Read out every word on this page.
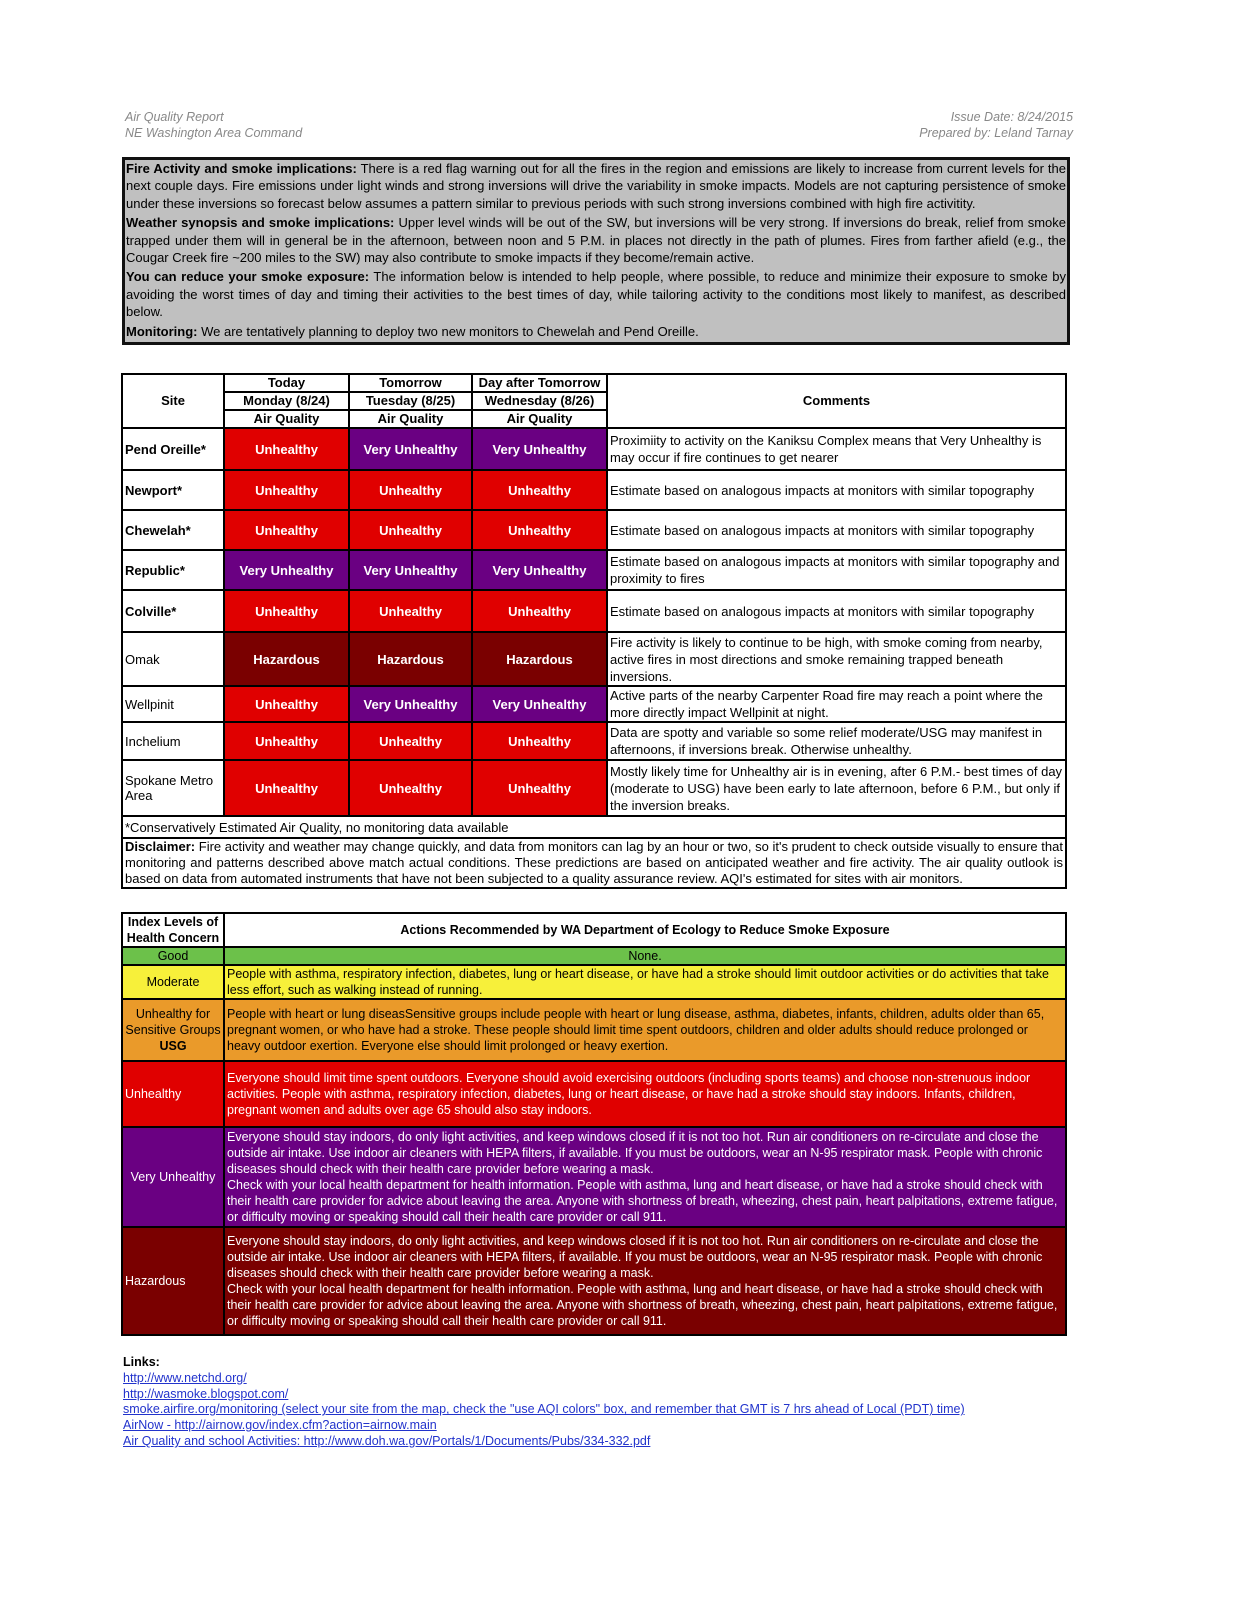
Air Quality Report
NE Washington Area Command
Issue Date: 8/24/2015
Prepared by: Leland Tarnay

Fire Activity and smoke implications: There is a red flag warning out for all the fires in the region and emissions are likely to increase from current levels for the next couple days. Fire emissions under light winds and strong inversions will drive the variability in smoke impacts. Models are not capturing persistence of smoke under these inversions so forecast below assumes a pattern similar to previous periods with such strong inversions combined with high fire activitity.

Weather synopsis and smoke implications: Upper level winds will be out of the SW, but inversions will be very strong. If inversions do break, relief from smoke trapped under them will in general be in the afternoon, between noon and 5 P.M. in places not directly in the path of plumes. Fires from farther afield (e.g., the Cougar Creek fire ~200 miles to the SW) may also contribute to smoke impacts if they become/remain active.

You can reduce your smoke exposure: The information below is intended to help people, where possible, to reduce and minimize their exposure to smoke by avoiding the worst times of day and timing their activities to the best times of day, while tailoring activity to the conditions most likely to manifest, as described below.

Monitoring: We are tentatively planning to deploy two new monitors to Chewelah and Pend Oreille.

Site	Today	Tomorrow	Day after Tomorrow	Comments
	Monday (8/24)	Tuesday (8/25)	Wednesday (8/26)	
	Air Quality	Air Quality	Air Quality	
Pend Oreille*	Unhealthy	Very Unhealthy	Very Unhealthy	Proximiity to activity on the Kaniksu Complex means that Very Unhealthy is may occur if fire continues to get nearer
Newport*	Unhealthy	Unhealthy	Unhealthy	Estimate based on analogous impacts at monitors with similar topography
Chewelah*	Unhealthy	Unhealthy	Unhealthy	Estimate based on analogous impacts at monitors with similar topography
Republic*	Very Unhealthy	Very Unhealthy	Very Unhealthy	Estimate based on analogous impacts at monitors with similar topography and proximity to fires
Colville*	Unhealthy	Unhealthy	Unhealthy	Estimate based on analogous impacts at monitors with similar topography
Omak	Hazardous	Hazardous	Hazardous	Fire activity is likely to continue to be high, with smoke coming from nearby, active fires in most directions and smoke remaining trapped beneath inversions.
Wellpinit	Unhealthy	Very Unhealthy	Very Unhealthy	Active parts of the nearby Carpenter Road fire may reach a point where the more directly impact Wellpinit at night.
Inchelium	Unhealthy	Unhealthy	Unhealthy	Data are spotty and variable so some relief moderate/USG may manifest in afternoons, if inversions break. Otherwise unhealthy.
Spokane Metro Area	Unhealthy	Unhealthy	Unhealthy	Mostly likely time for Unhealthy air is in evening, after 6 P.M.- best times of day (moderate to USG) have been early to late afternoon, before 6 P.M., but only if the inversion breaks.
*Conservatively Estimated Air Quality, no monitoring data available				
Disclaimer: Fire activity and weather may change quickly, and data from monitors can lag by an hour or two, so it's prudent to check outside visually to ensure that monitoring and patterns described above match actual conditions. These predictions are based on anticipated weather and fire activity. The air quality outlook is based on data from automated instruments that have not been subjected to a quality assurance review. AQI's estimated for sites with air monitors.				
Index Levels of Health Concern	Actions Recommended by WA Department of Ecology to Reduce Smoke Exposure
Good	None.
Moderate	People with asthma, respiratory infection, diabetes, lung or heart disease, or have had a stroke should limit outdoor activities or do activities that take less effort, such as walking instead of running.
Unhealthy for Sensitive Groups
USG	People with heart or lung diseasSensitive groups include people with heart or lung disease, asthma, diabetes, infants, children, adults older than 65, pregnant women, or who have had a stroke. These people should limit time spent outdoors, children and older adults should reduce prolonged or heavy outdoor exertion. Everyone else should limit prolonged or heavy exertion.
Unhealthy	Everyone should limit time spent outdoors. Everyone should avoid exercising outdoors (including sports teams) and choose non-strenuous indoor activities. People with asthma, respiratory infection, diabetes, lung or heart disease, or have had a stroke should stay indoors. Infants, children, pregnant women and adults over age 65 should also stay indoors.
Very Unhealthy	Everyone should stay indoors, do only light activities, and keep windows closed if it is not too hot. Run air conditioners on re-circulate and close the outside air intake. Use indoor air cleaners with HEPA filters, if available. If you must be outdoors, wear an N-95 respirator mask. People with chronic diseases should check with their health care provider before wearing a mask.
Check with your local health department for health information. People with asthma, lung and heart disease, or have had a stroke should check with their health care provider for advice about leaving the area. Anyone with shortness of breath, wheezing, chest pain, heart palpitations, extreme fatigue, or difficulty moving or speaking should call their health care provider or call 911.
Hazardous	Everyone should stay indoors, do only light activities, and keep windows closed if it is not too hot. Run air conditioners on re-circulate and close the outside air intake. Use indoor air cleaners with HEPA filters, if available. If you must be outdoors, wear an N-95 respirator mask. People with chronic diseases should check with their health care provider before wearing a mask.
Check with your local health department for health information. People with asthma, lung and heart disease, or have had a stroke should check with their health care provider for advice about leaving the area. Anyone with shortness of breath, wheezing, chest pain, heart palpitations, extreme fatigue, or difficulty moving or speaking should call their health care provider or call 911.
Links:
http://www.netchd.org/
http://wasmoke.blogspot.com/
smoke.airfire.org/monitoring (select your site from the map, check the "use AQI colors" box, and remember that GMT is 7 hrs ahead of Local (PDT) time)
AirNow - http://airnow.gov/index.cfm?action=airnow.main
Air Quality and school Activities: http://www.doh.wa.gov/Portals/1/Documents/Pubs/334-332.pdf
